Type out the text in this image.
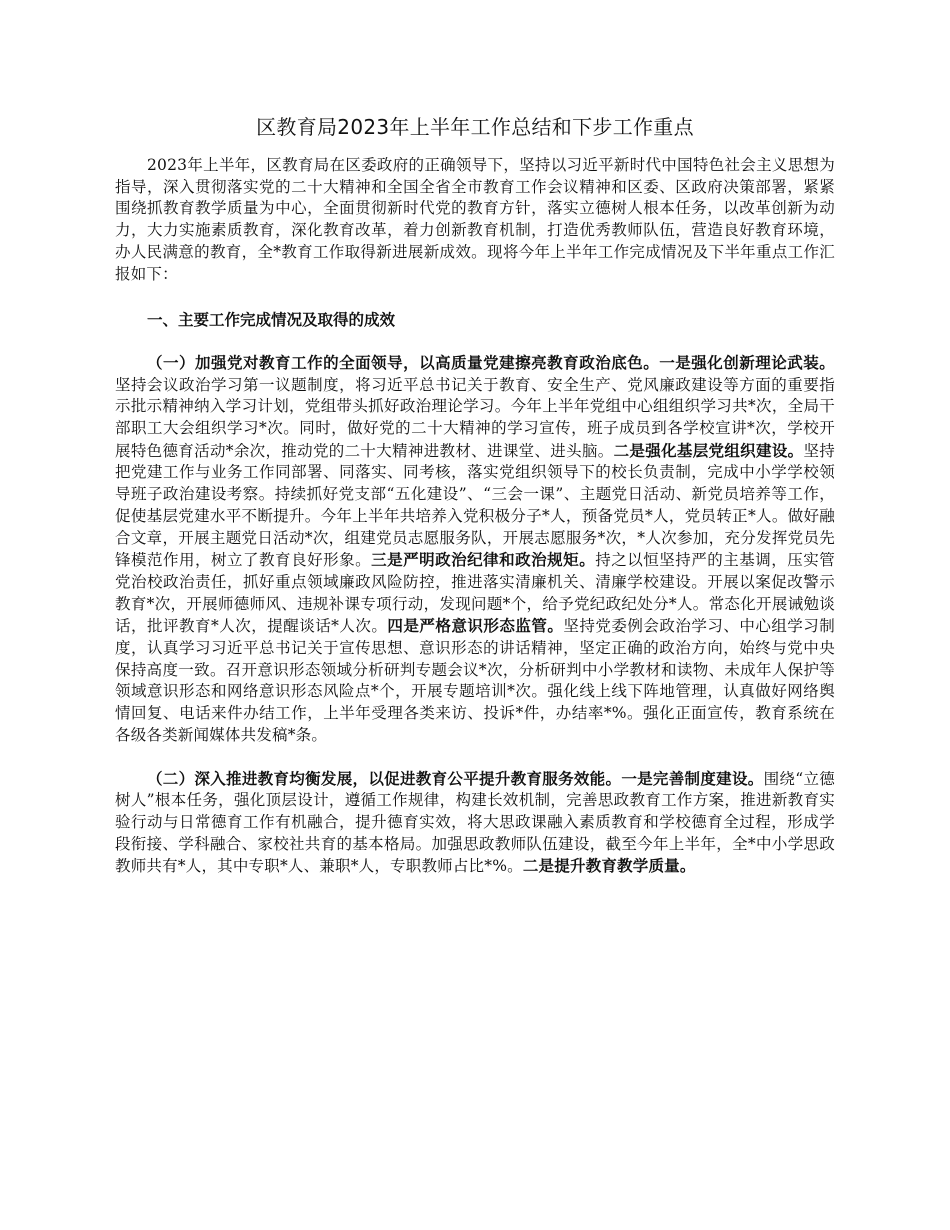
区教育局2023年上半年工作总结和下步工作重点

2023年上半年，区教育局在区委政府的正确领导下，坚持以习近平新时代中国特色社会主义思想为指导，深入贯彻落实党的二十大精神和全国全省全市教育工作会议精神和区委、区政府决策部署，紧紧围绕抓教育教学质量为中心，全面贯彻新时代党的教育方针，落实立德树人根本任务，以改革创新为动力，大力实施素质教育，深化教育改革，着力创新教育机制，打造优秀教师队伍，营造良好教育环境，办人民满意的教育，全*教育工作取得新进展新成效。现将今年上半年工作完成情况及下半年重点工作汇报如下：

一、主要工作完成情况及取得的成效

（一）加强党对教育工作的全面领导，以高质量党建擦亮教育政治底色。一是强化创新理论武装。坚持会议政治学习第一议题制度，将习近平总书记关于教育、安全生产、党风廉政建设等方面的重要指示批示精神纳入学习计划，党组带头抓好政治理论学习。今年上半年党组中心组组织学习共*次，全局干部职工大会组织学习*次。同时，做好党的二十大精神的学习宣传，班子成员到各学校宣讲*次，学校开展特色德育活动*余次，推动党的二十大精神进教材、进课堂、进头脑。二是强化基层党组织建设。坚持把党建工作与业务工作同部署、同落实、同考核，落实党组织领导下的校长负责制，完成中小学学校领导班子政治建设考察。持续抓好党支部“五化建设”、“三会一课”、主题党日活动、新党员培养等工作，促使基层党建水平不断提升。今年上半年共培养入党积极分子*人，预备党员*人，党员转正*人。做好融合文章，开展主题党日活动*次，组建党员志愿服务队，开展志愿服务*次，*人次参加，充分发挥党员先锋模范作用，树立了教育良好形象。三是严明政治纪律和政治规矩。持之以恒坚持严的主基调，压实管党治校政治责任，抓好重点领域廉政风险防控，推进落实清廉机关、清廉学校建设。开展以案促改警示教育*次，开展师德师风、违规补课专项行动，发现问题*个，给予党纪政纪处分*人。常态化开展诫勉谈话，批评教育*人次，提醒谈话*人次。四是严格意识形态监管。坚持党委例会政治学习、中心组学习制度，认真学习习近平总书记关于宣传思想、意识形态的讲话精神，坚定正确的政治方向，始终与党中央保持高度一致。召开意识形态领域分析研判专题会议*次，分析研判中小学教材和读物、未成年人保护等领域意识形态和网络意识形态风险点*个，开展专题培训*次。强化线上线下阵地管理，认真做好网络舆情回复、电话来件办结工作，上半年受理各类来访、投诉*件，办结率*%。强化正面宣传，教育系统在各级各类新闻媒体共发稿*条。

（二）深入推进教育均衡发展，以促进教育公平提升教育服务效能。一是完善制度建设。围绕“立德树人”根本任务，强化顶层设计，遵循工作规律，构建长效机制，完善思政教育工作方案，推进新教育实验行动与日常德育工作有机融合，提升德育实效，将大思政课融入素质教育和学校德育全过程，形成学段衔接、学科融合、家校社共育的基本格局。加强思政教师队伍建设，截至今年上半年，全*中小学思政教师共有*人，其中专职*人、兼职*人，专职教师占比*%。二是提升教育教学质量。
